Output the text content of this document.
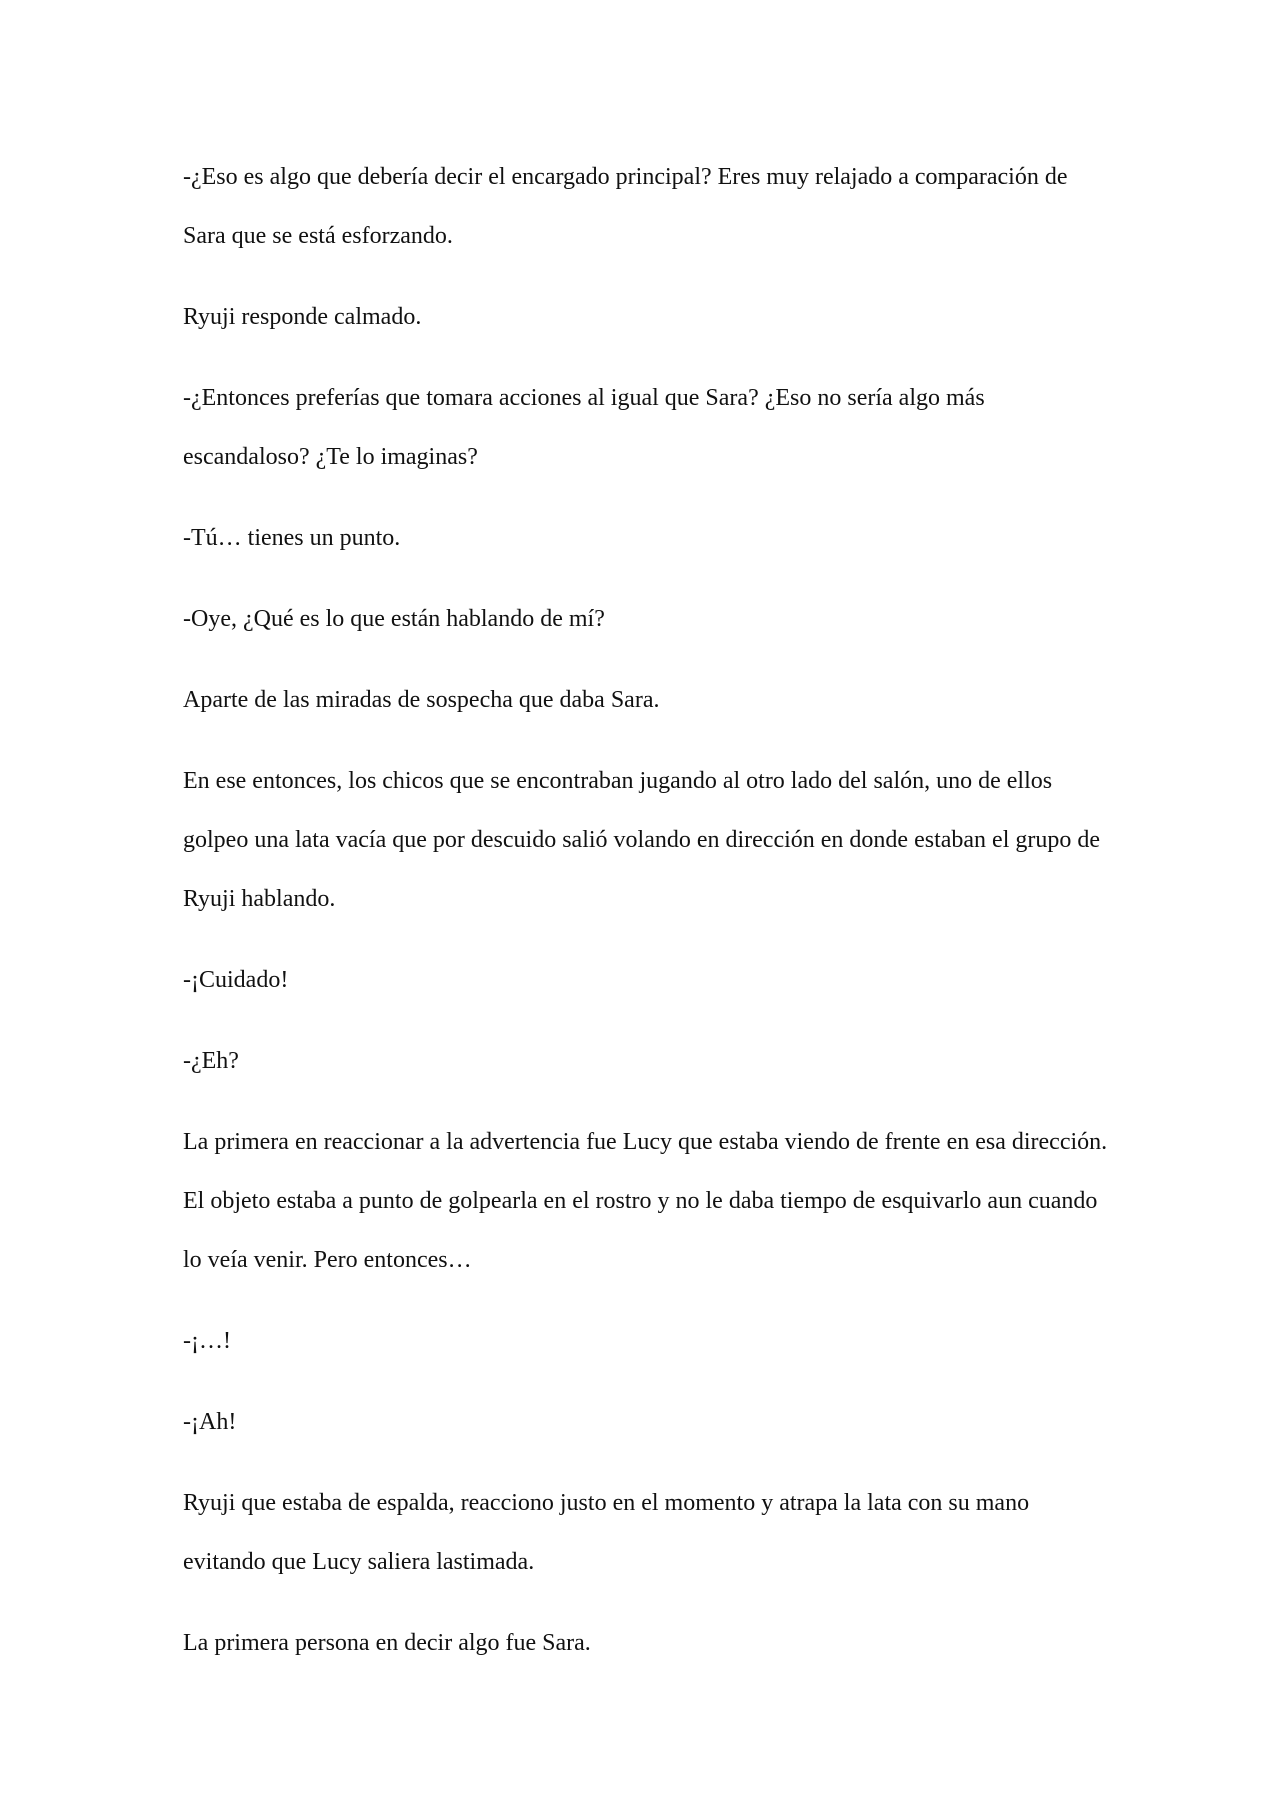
-¿Eso es algo que debería decir el encargado principal? Eres muy relajado a comparación de Sara que se está esforzando.

Ryuji responde calmado.

-¿Entonces preferías que tomara acciones al igual que Sara? ¿Eso no sería algo más escandaloso? ¿Te lo imaginas?

-Tú… tienes un punto.

-Oye, ¿Qué es lo que están hablando de mí?

Aparte de las miradas de sospecha que daba Sara.

En ese entonces, los chicos que se encontraban jugando al otro lado del salón, uno de ellos golpeo una lata vacía que por descuido salió volando en dirección en donde estaban el grupo de Ryuji hablando.

-¡Cuidado!

-¿Eh?

La primera en reaccionar a la advertencia fue Lucy que estaba viendo de frente en esa dirección. El objeto estaba a punto de golpearla en el rostro y no le daba tiempo de esquivarlo aun cuando lo veía venir. Pero entonces…

-¡…!

-¡Ah!

Ryuji que estaba de espalda, reacciono justo en el momento y atrapa la lata con su mano evitando que Lucy saliera lastimada.

La primera persona en decir algo fue Sara.
